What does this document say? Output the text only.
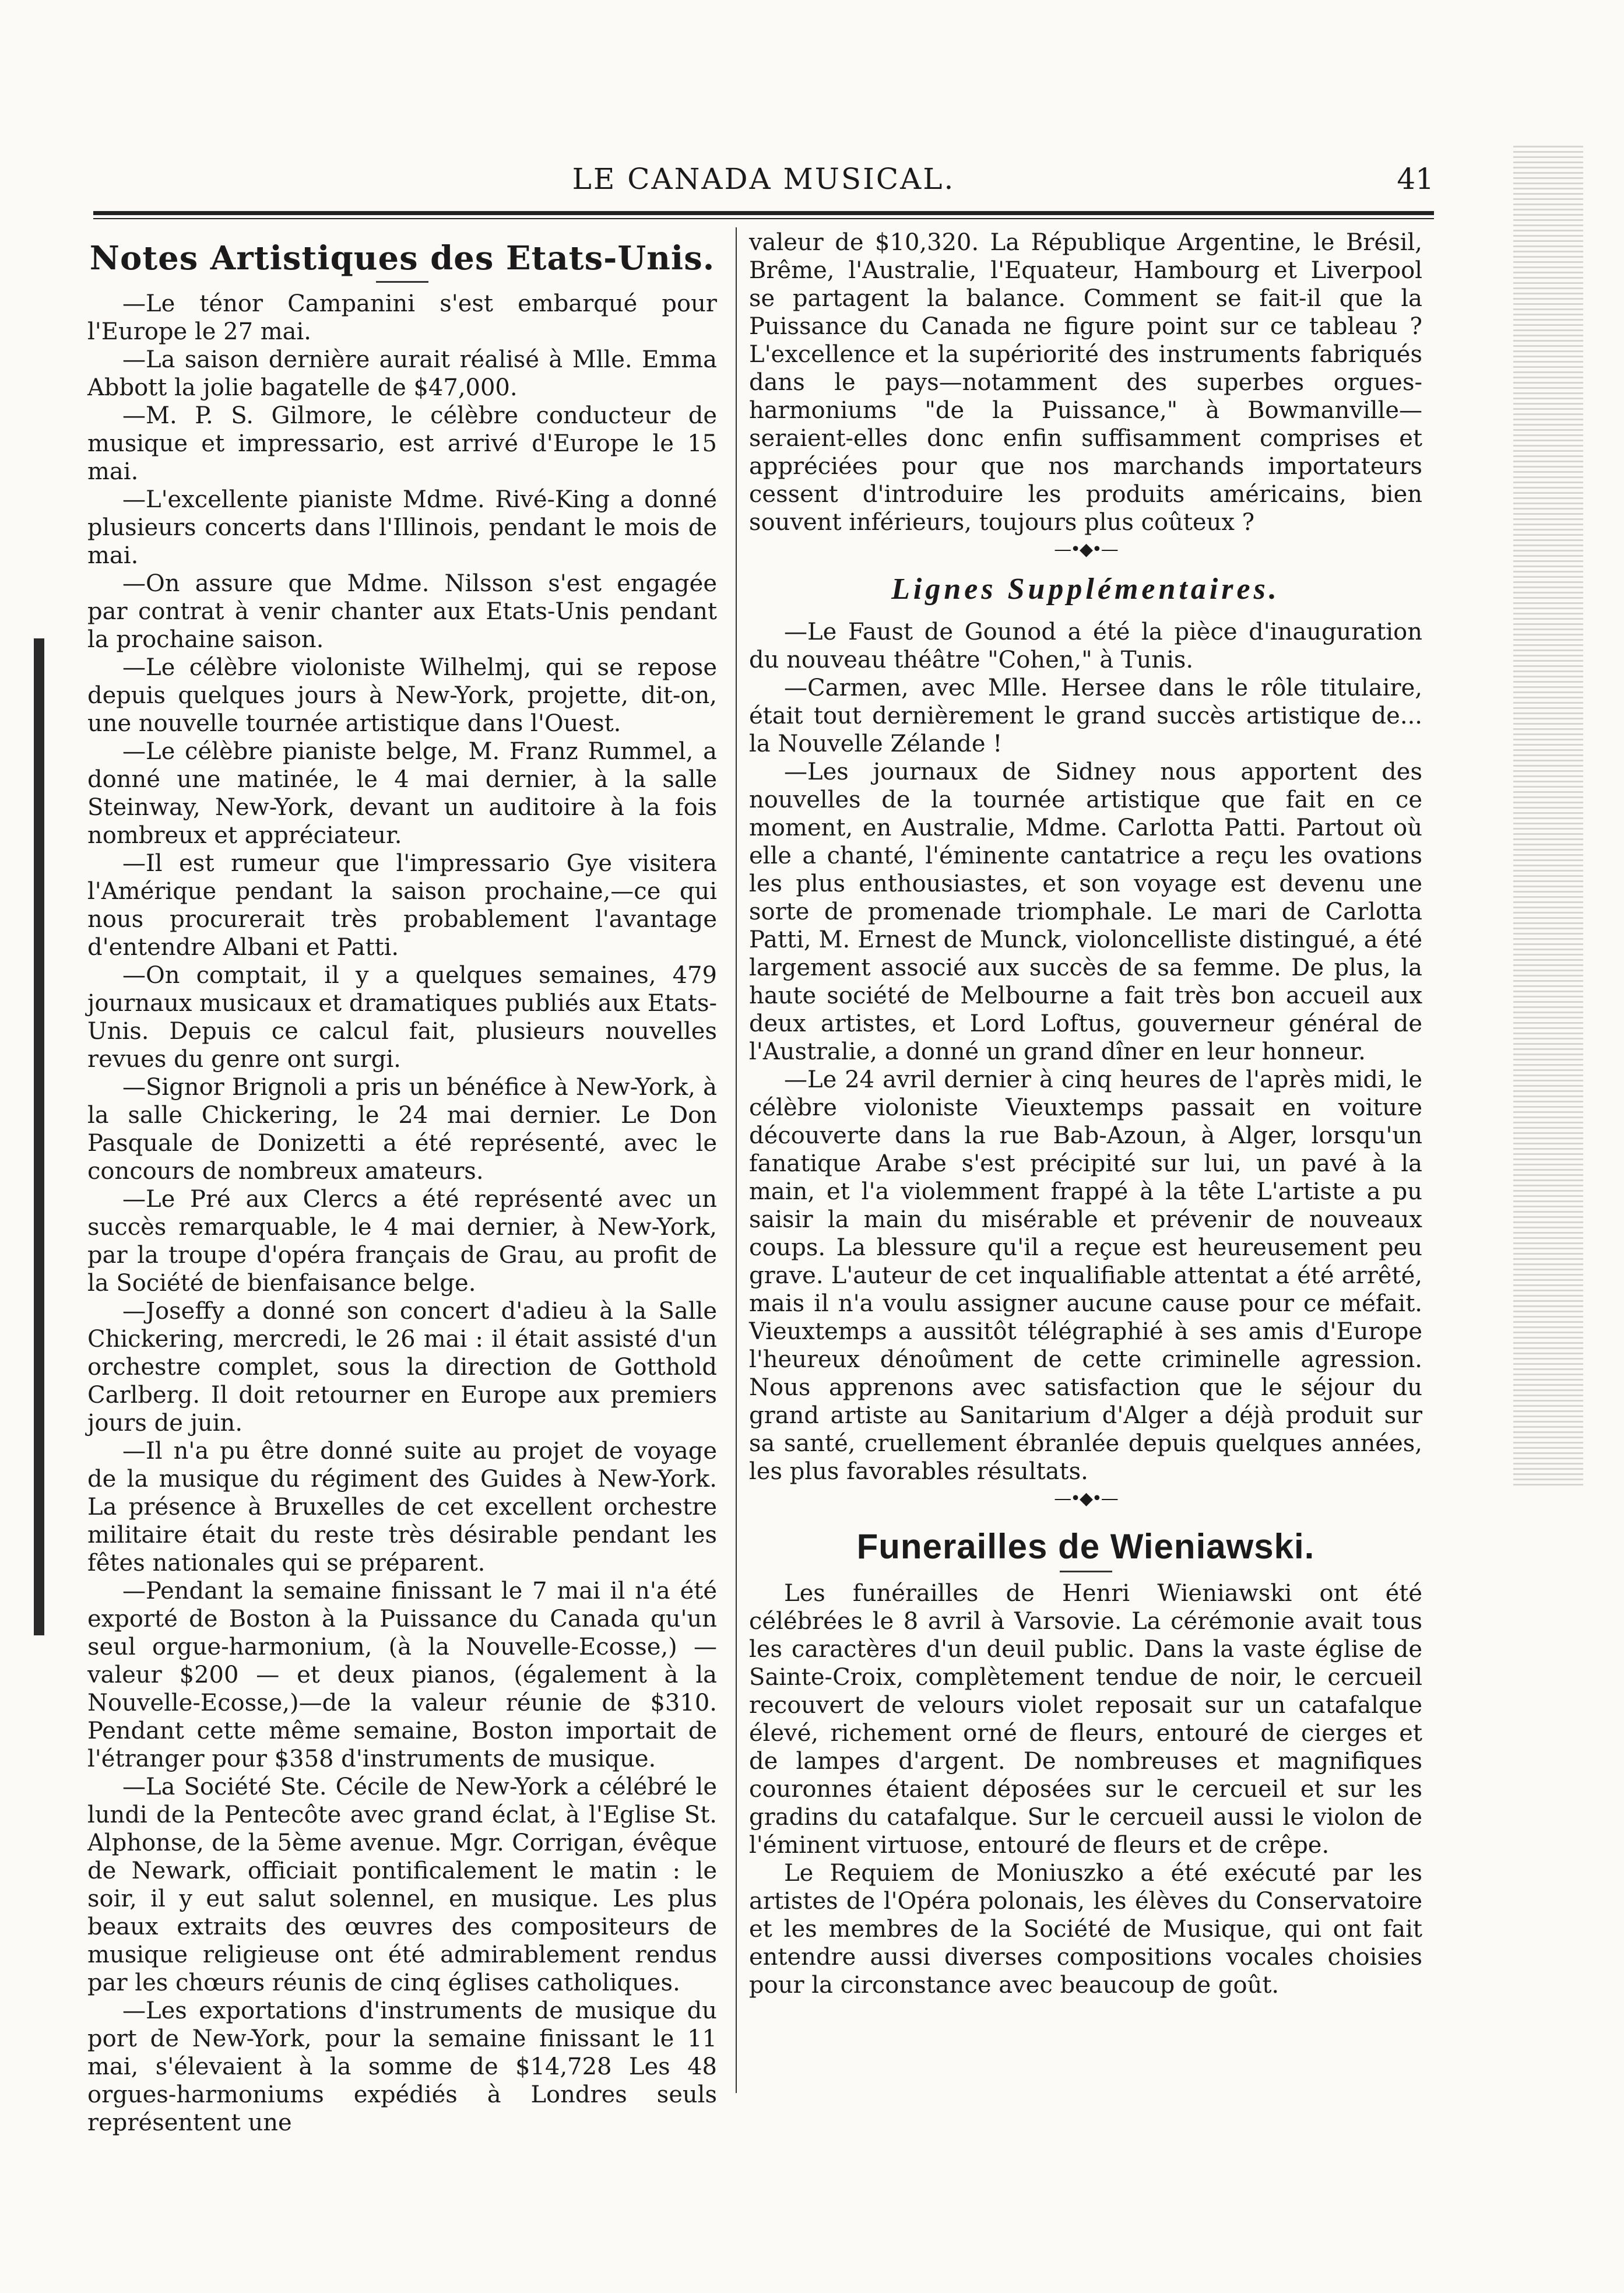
LE CANADA MUSICAL.	41
Notes Artistiques des Etats-Unis.

—Le ténor Campanini s'est embarqué pour l'Europe le 27 mai.

—La saison dernière aurait réalisé à Mlle. Emma Abbott la jolie bagatelle de $47,000.

—M. P. S. Gilmore, le célèbre conducteur de musique et impressario, est arrivé d'Europe le 15 mai.

—L'excellente pianiste Mdme. Rivé-King a donné plusieurs concerts dans l'Illinois, pendant le mois de mai.

—On assure que Mdme. Nilsson s'est engagée par contrat à venir chanter aux Etats-Unis pendant la prochaine saison.

—Le célèbre violoniste Wilhelmj, qui se repose depuis quelques jours à New-York, projette, dit-on, une nouvelle tournée artistique dans l'Ouest.

—Le célèbre pianiste belge, M. Franz Rummel, a donné une matinée, le 4 mai dernier, à la salle Steinway, New-York, devant un auditoire à la fois nombreux et appréciateur.

—Il est rumeur que l'impressario Gye visitera l'Amérique pendant la saison prochaine,—ce qui nous procurerait très probablement l'avantage d'entendre Albani et Patti.

—On comptait, il y a quelques semaines, 479 journaux musicaux et dramatiques publiés aux Etats-Unis. Depuis ce calcul fait, plusieurs nouvelles revues du genre ont surgi.

—Signor Brignoli a pris un bénéfice à New-York, à la salle Chickering, le 24 mai dernier. Le Don Pasquale de Donizetti a été représenté, avec le concours de nombreux amateurs.

—Le Pré aux Clercs a été représenté avec un succès remarquable, le 4 mai dernier, à New-York, par la troupe d'opéra français de Grau, au profit de la Société de bienfaisance belge.

—Joseffy a donné son concert d'adieu à la Salle Chickering, mercredi, le 26 mai : il était assisté d'un orchestre complet, sous la direction de Gotthold Carlberg. Il doit retourner en Europe aux premiers jours de juin.

—Il n'a pu être donné suite au projet de voyage de la musique du régiment des Guides à New-York. La présence à Bruxelles de cet excellent orchestre militaire était du reste très désirable pendant les fêtes nationales qui se préparent.

—Pendant la semaine finissant le 7 mai il n'a été exporté de Boston à la Puissance du Canada qu'un seul orgue-harmonium, (à la Nouvelle-Ecosse,) — valeur $200 — et deux pianos, (également à la Nouvelle-Ecosse,)—de la valeur réunie de $310. Pendant cette même semaine, Boston importait de l'étranger pour $358 d'instruments de musique.

—La Société Ste. Cécile de New-York a célébré le lundi de la Pentecôte avec grand éclat, à l'Eglise St. Alphonse, de la 5ème avenue. Mgr. Corrigan, évêque de Newark, officiait pontificalement le matin : le soir, il y eut salut solennel, en musique. Les plus beaux extraits des œuvres des compositeurs de musique religieuse ont été admirablement rendus par les chœurs réunis de cinq églises catholiques.

—Les exportations d'instruments de musique du port de New-York, pour la semaine finissant le 11 mai, s'élevaient à la somme de $14,728 Les 48 orgues-harmoniums expédiés à Londres seuls représentent une

valeur de $10,320. La République Argentine, le Brésil, Brême, l'Australie, l'Equateur, Hambourg et Liverpool se partagent la balance. Comment se fait-il que la Puissance du Canada ne figure point sur ce tableau ? L'excellence et la supériorité des instruments fabriqués dans le pays—notamment des superbes orgues-harmoniums "de la Puissance," à Bowmanville—seraient-elles donc enfin suffisamment comprises et appréciées pour que nos marchands importateurs cessent d'introduire les produits américains, bien souvent inférieurs, toujours plus coûteux ?

—•◆•—
Lignes Supplémentaires.

—Le Faust de Gounod a été la pièce d'inauguration du nouveau théâtre "Cohen," à Tunis.

—Carmen, avec Mlle. Hersee dans le rôle titulaire, était tout dernièrement le grand succès artistique de... la Nouvelle Zélande !

—Les journaux de Sidney nous apportent des nouvelles de la tournée artistique que fait en ce moment, en Australie, Mdme. Carlotta Patti. Partout où elle a chanté, l'éminente cantatrice a reçu les ovations les plus enthousiastes, et son voyage est devenu une sorte de promenade triomphale. Le mari de Carlotta Patti, M. Ernest de Munck, violoncelliste distingué, a été largement associé aux succès de sa femme. De plus, la haute société de Melbourne a fait très bon accueil aux deux artistes, et Lord Loftus, gouverneur général de l'Australie, a donné un grand dîner en leur honneur.

—Le 24 avril dernier à cinq heures de l'après midi, le célèbre violoniste Vieuxtemps passait en voiture découverte dans la rue Bab-Azoun, à Alger, lorsqu'un fanatique Arabe s'est précipité sur lui, un pavé à la main, et l'a violemment frappé à la tête L'artiste a pu saisir la main du misérable et prévenir de nouveaux coups. La blessure qu'il a reçue est heureusement peu grave. L'auteur de cet inqualifiable attentat a été arrêté, mais il n'a voulu assigner aucune cause pour ce méfait. Vieuxtemps a aussitôt télégraphié à ses amis d'Europe l'heureux dénoûment de cette criminelle agression. Nous apprenons avec satisfaction que le séjour du grand artiste au Sanitarium d'Alger a déjà produit sur sa santé, cruellement ébranlée depuis quelques années, les plus favorables résultats.

—•◆•—
Funerailles de Wieniawski.

Les funérailles de Henri Wieniawski ont été célébrées le 8 avril à Varsovie. La cérémonie avait tous les caractères d'un deuil public. Dans la vaste église de Sainte-Croix, complètement tendue de noir, le cercueil recouvert de velours violet reposait sur un catafalque élevé, richement orné de fleurs, entouré de cierges et de lampes d'argent. De nombreuses et magnifiques couronnes étaient déposées sur le cercueil et sur les gradins du catafalque. Sur le cercueil aussi le violon de l'éminent virtuose, entouré de fleurs et de crêpe.

Le Requiem de Moniuszko a été exécuté par les artistes de l'Opéra polonais, les élèves du Conservatoire et les membres de la Société de Musique, qui ont fait entendre aussi diverses compositions vocales choisies pour la circonstance avec beaucoup de goût.
